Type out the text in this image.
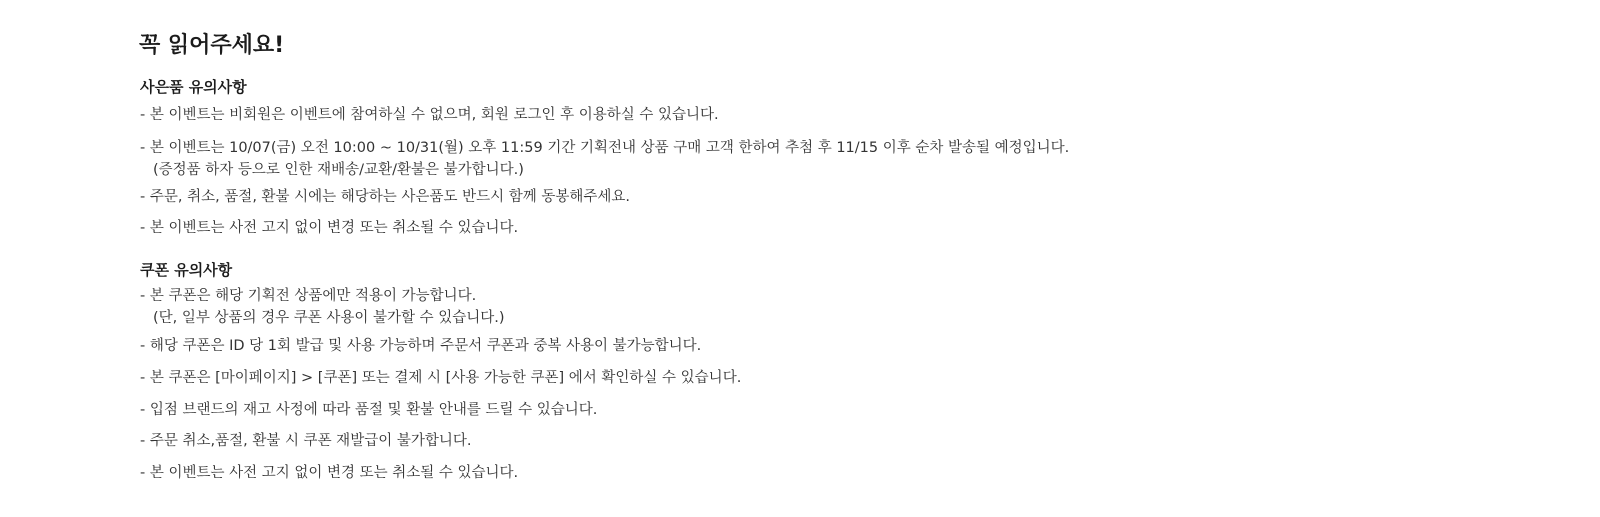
꼭 읽어주세요!
사은품 유의사항
- 본 이벤트는 비회원은 이벤트에 참여하실 수 없으며, 회원 로그인 후 이용하실 수 있습니다.
- 본 이벤트는 10/07(금) 오전 10:00 ~ 10/31(월) 오후 11:59 기간 기획전내 상품 구매 고객 한하여 추첨 후 11/15 이후 순차 발송될 예정입니다.
(증정품 하자 등으로 인한 재배송/교환/환불은 불가합니다.)
- 주문, 취소, 품절, 환불 시에는 해당하는 사은품도 반드시 함께 동봉해주세요.
- 본 이벤트는 사전 고지 없이 변경 또는 취소될 수 있습니다.
쿠폰 유의사항
- 본 쿠폰은 해당 기획전 상품에만 적용이 가능합니다.
(단, 일부 상품의 경우 쿠폰 사용이 불가할 수 있습니다.)
- 해당 쿠폰은 ID 당 1회 발급 및 사용 가능하며 주문서 쿠폰과 중복 사용이 불가능합니다.
- 본 쿠폰은 [마이페이지] > [쿠폰] 또는 결제 시 [사용 가능한 쿠폰] 에서 확인하실 수 있습니다.
- 입점 브랜드의 재고 사정에 따라 품절 및 환불 안내를 드릴 수 있습니다.
- 주문 취소,품절, 환불 시 쿠폰 재발급이 불가합니다.
- 본 이벤트는 사전 고지 없이 변경 또는 취소될 수 있습니다.
